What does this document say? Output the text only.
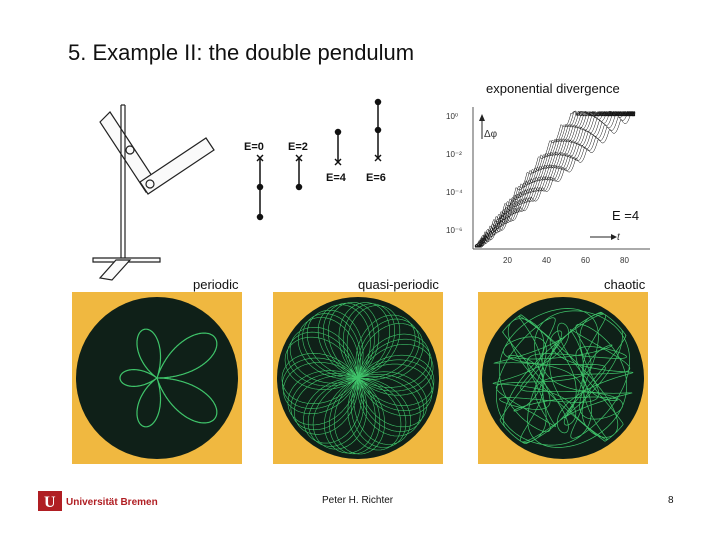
5. Example II: the double pendulum
E=0 E=2
E=4 E=6
exponential divergence
10⁰
10⁻²
10⁻⁴
10⁻⁶
20	40	60	80
Δφ
t
E =4
periodic	quasi-periodic	chaotic
U Universität Bremen	Peter H. Richter	8
